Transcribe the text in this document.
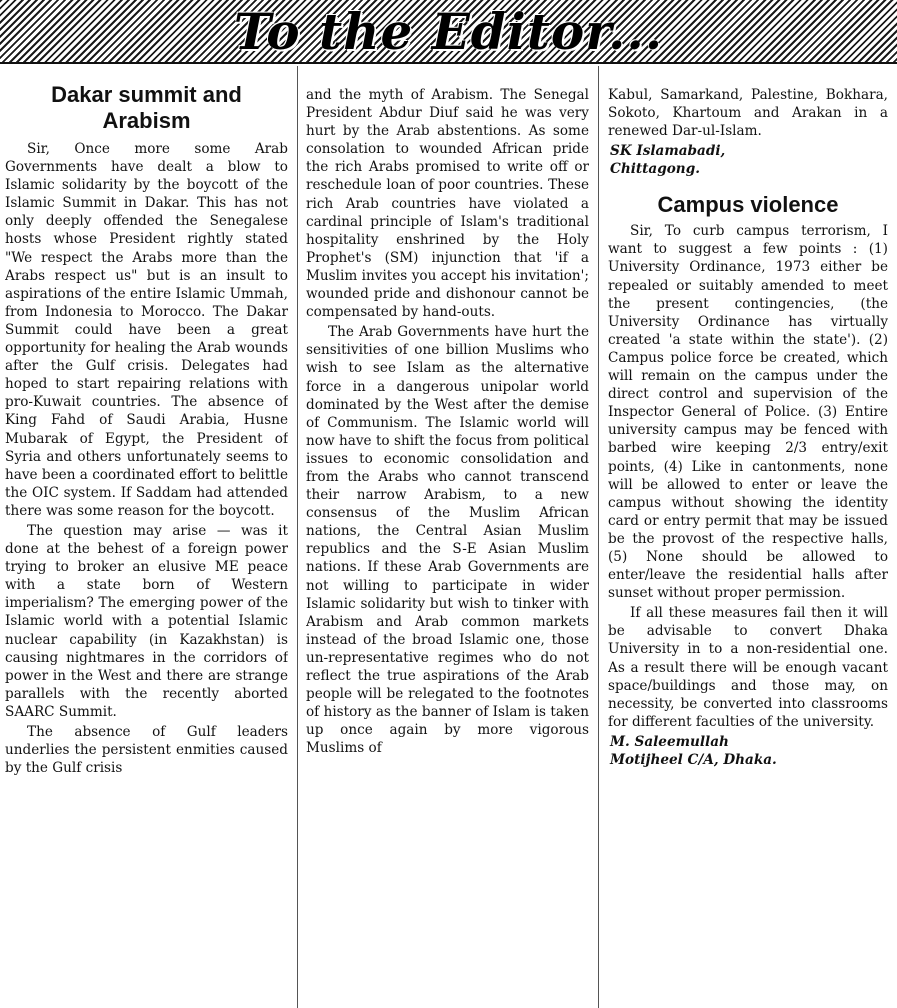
To the Editor...
Dakar summit and Arabism

Sir, Once more some Arab Governments have dealt a blow to Islamic solidarity by the boycott of the Islamic Summit in Dakar. This has not only deeply offended the Senegalese hosts whose President rightly stated "We respect the Arabs more than the Arabs respect us" but is an insult to aspirations of the entire Islamic Ummah, from Indonesia to Morocco. The Dakar Summit could have been a great opportunity for healing the Arab wounds after the Gulf crisis. Delegates had hoped to start repairing relations with pro-Kuwait countries. The absence of King Fahd of Saudi Arabia, Husne Mubarak of Egypt, the President of Syria and others unfortunately seems to have been a coordinated effort to belittle the OIC system. If Saddam had attended there was some reason for the boycott.

The question may arise — was it done at the behest of a foreign power trying to broker an elusive ME peace with a state born of Western imperialism? The emerging power of the Islamic world with a potential Islamic nuclear capability (in Kazakhstan) is causing nightmares in the corridors of power in the West and there are strange parallels with the recently aborted SAARC Summit.

The absence of Gulf leaders underlies the persistent enmities caused by the Gulf crisis

and the myth of Arabism. The Senegal President Abdur Diuf said he was very hurt by the Arab abstentions. As some consolation to wounded African pride the rich Arabs promised to write off or reschedule loan of poor countries. These rich Arab countries have violated a cardinal principle of Islam's traditional hospitality enshrined by the Holy Prophet's (SM) injunction that 'if a Muslim invites you accept his invitation'; wounded pride and dishonour cannot be compensated by hand-outs.

The Arab Governments have hurt the sensitivities of one billion Muslims who wish to see Islam as the alternative force in a dangerous unipolar world dominated by the West after the demise of Communism. The Islamic world will now have to shift the focus from political issues to economic consolidation and from the Arabs who cannot transcend their narrow Arabism, to a new consensus of the Muslim African nations, the Central Asian Muslim republics and the S-E Asian Muslim nations. If these Arab Governments are not willing to participate in wider Islamic solidarity but wish to tinker with Arabism and Arab common markets instead of the broad Islamic one, those un-representative regimes who do not reflect the true aspirations of the Arab people will be relegated to the footnotes of history as the banner of Islam is taken up once again by more vigorous Muslims of

Kabul, Samarkand, Palestine, Bokhara, Sokoto, Khartoum and Arakan in a renewed Dar-ul-Islam.

SK Islamabadi,
Chittagong.
Campus violence

Sir, To curb campus terrorism, I want to suggest a few points : (1) University Ordinance, 1973 either be repealed or suitably amended to meet the present contingencies, (the University Ordinance has virtually created 'a state within the state'). (2) Campus police force be created, which will remain on the campus under the direct control and supervision of the Inspector General of Police. (3) Entire university campus may be fenced with barbed wire keeping 2/3 entry/exit points, (4) Like in cantonments, none will be allowed to enter or leave the campus without showing the identity card or entry permit that may be issued be the provost of the respective halls, (5) None should be allowed to enter/leave the residential halls after sunset without proper permission.

If all these measures fail then it will be advisable to convert Dhaka University in to a non-residential one. As a result there will be enough vacant space/buildings and those may, on necessity, be converted into classrooms for different faculties of the university.

M. Saleemullah
Motijheel C/A, Dhaka.
